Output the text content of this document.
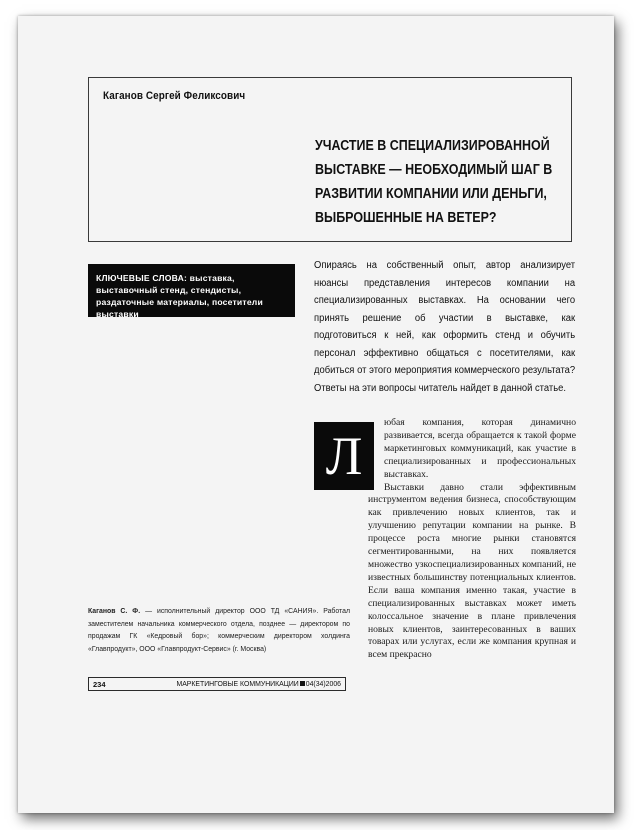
Каганов Сергей Феликсович
УЧАСТИЕ В СПЕЦИАЛИЗИРОВАННОЙ
ВЫСТАВКЕ — НЕОБХОДИМЫЙ ШАГ В
РАЗВИТИИ КОМПАНИИ ИЛИ ДЕНЬГИ,
ВЫБРОШЕННЫЕ НА ВЕТЕР?
КЛЮЧЕВЫЕ СЛОВА: выставка, выставочный стенд, стендисты, раздаточные материалы, посетители выставки
Опираясь на собственный опыт, автор анализирует нюансы представления интересов компании на специализированных выставках. На основании чего принять решение об участии в выставке, как подготовиться к ней, как оформить стенд и обучить персонал эффективно общаться с посетителями, как добиться от этого мероприятия коммерческого результата? Ответы на эти вопросы читатель найдет в данной статье.
Л

юбая компания, которая динамично развивается, всегда обращается к такой форме маркетинговых коммуникаций, как участие в специализированных и профессиональных выставках.

Выставки давно стали эффективным инструментом ведения бизнеса, способствующим как привлечению новых клиентов, так и улучшению репутации компании на рынке. В процессе роста многие рынки становятся сегментированными, на них появляется множество узкоспециализированных компаний, не известных большинству потенциальных клиентов. Если ваша компания именно такая, участие в специализированных выставках может иметь колоссальное значение в плане привлечения новых клиентов, заинтересованных в ваших товарах или услугах, если же компания крупная и всем прекрасно

Каганов С. Ф. — исполнительный директор ООО ТД «САНИЯ». Работал заместителем начальника коммерческого отдела, позднее — директором по продажам ГК «Кедровый бор»; коммерческим директором холдинга «Главпродукт», ООО «Главпродукт-Сервис» (г. Москва)
234	МАРКЕТИНГОВЫЕ КОММУНИКАЦИИ 04(34)2006
